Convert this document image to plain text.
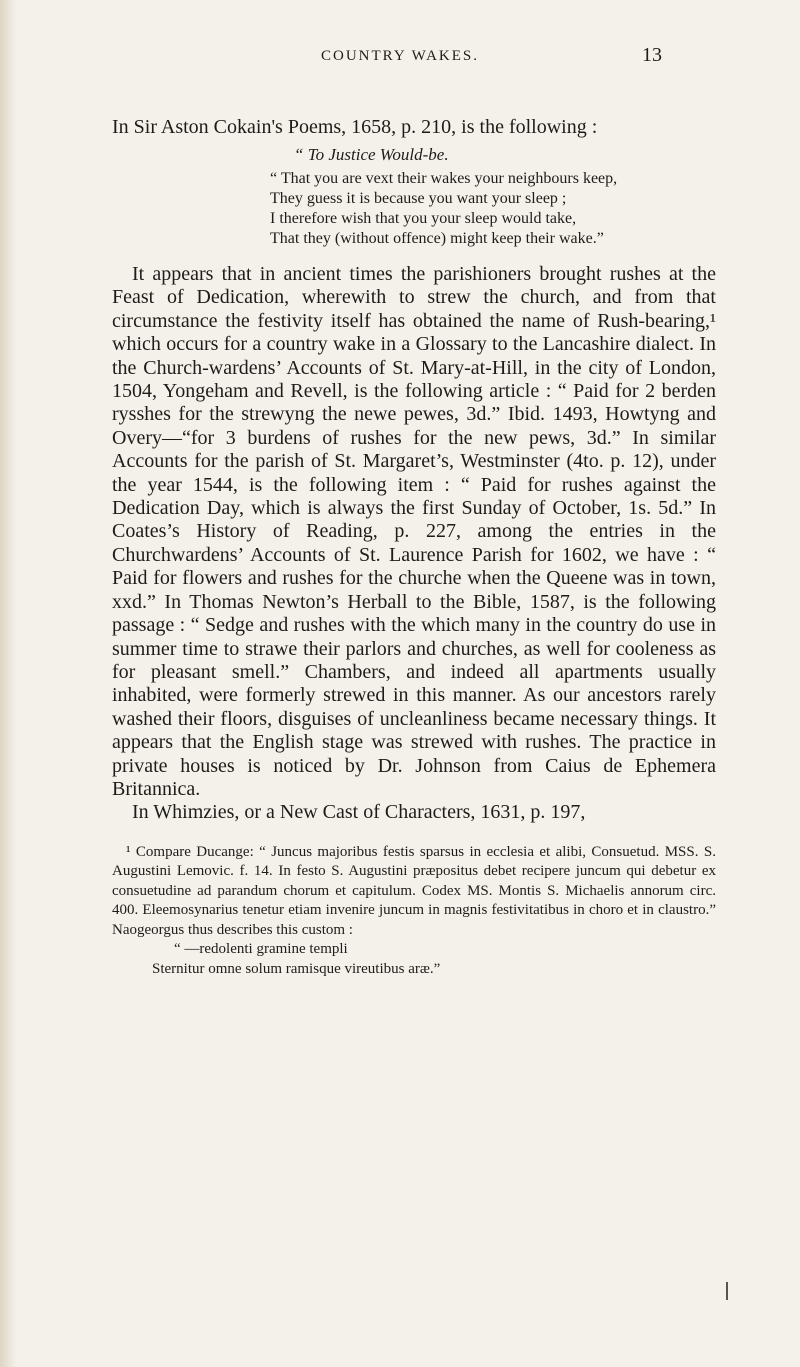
COUNTRY WAKES.	13

In Sir Aston Cokain's Poems, 1658, p. 210, is the following :

“ To Justice Would-be.
“ That you are vext their wakes your neighbours keep,
They guess it is because you want your sleep ;
I therefore wish that you your sleep would take,
That they (without offence) might keep their wake.”

It appears that in ancient times the parishioners brought rushes at the Feast of Dedication, wherewith to strew the church, and from that circumstance the festivity itself has obtained the name of Rush-bearing,¹ which occurs for a country wake in a Glossary to the Lancashire dialect. In the Church-wardens’ Accounts of St. Mary-at-Hill, in the city of London, 1504, Yongeham and Revell, is the following article : “ Paid for 2 berden rysshes for the strewyng the newe pewes, 3d.” Ibid. 1493, Howtyng and Overy—“for 3 burdens of rushes for the new pews, 3d.” In similar Accounts for the parish of St. Margaret’s, Westminster (4to. p. 12), under the year 1544, is the following item : “ Paid for rushes against the Dedication Day, which is always the first Sunday of October, 1s. 5d.” In Coates’s History of Reading, p. 227, among the entries in the Churchwardens’ Accounts of St. Laurence Parish for 1602, we have : “ Paid for flowers and rushes for the churche when the Queene was in town, xxd.” In Thomas Newton’s Herball to the Bible, 1587, is the following passage : “ Sedge and rushes with the which many in the country do use in summer time to strawe their parlors and churches, as well for cooleness as for pleasant smell.” Chambers, and indeed all apartments usually inhabited, were formerly strewed in this manner. As our ancestors rarely washed their floors, disguises of uncleanliness became necessary things. It appears that the English stage was strewed with rushes. The practice in private houses is noticed by Dr. Johnson from Caius de Ephemera Britannica.

In Whimzies, or a New Cast of Characters, 1631, p. 197,

¹ Compare Ducange: “ Juncus majoribus festis sparsus in ecclesia et alibi, Consuetud. MSS. S. Augustini Lemovic. f. 14. In festo S. Augustini præpositus debet recipere juncum qui debetur ex consuetudine ad parandum chorum et capitulum. Codex MS. Montis S. Michaelis annorum circ. 400. Eleemosynarius tenetur etiam invenire juncum in magnis festivitatibus in choro et in claustro.” Naogeorgus thus describes this custom :

“ —redolenti gramine templi
Sternitur omne solum ramisque vireutibus aræ.”
